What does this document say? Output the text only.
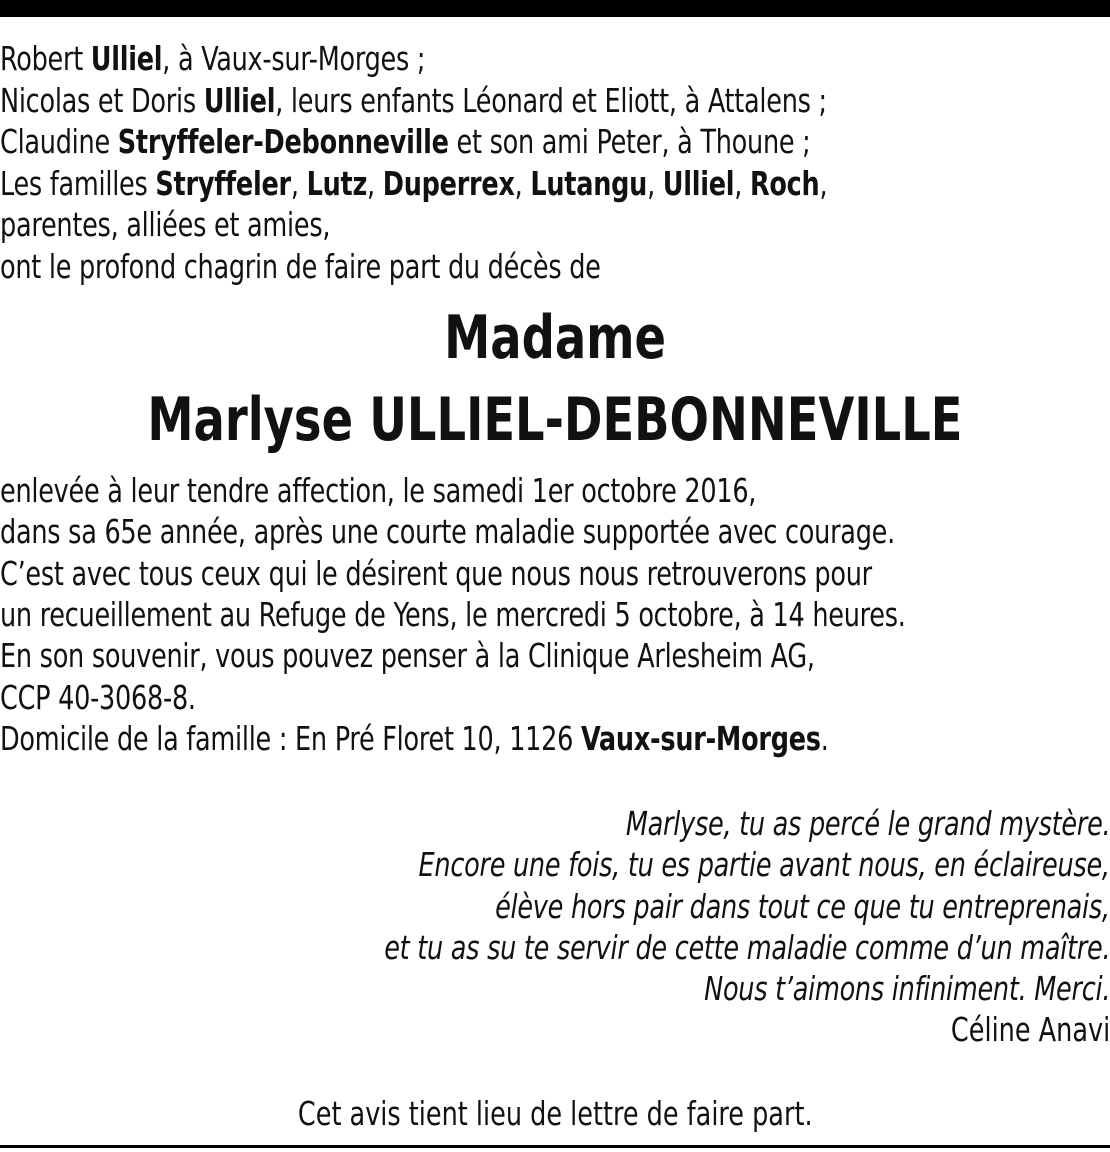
Robert Ulliel, à Vaux-sur-Morges ;
Nicolas et Doris Ulliel, leurs enfants Léonard et Eliott, à Attalens ;
Claudine Stryffeler-Debonneville et son ami Peter, à Thoune ;
Les familles Stryffeler, Lutz, Duperrex, Lutangu, Ulliel, Roch,
parentes, alliées et amies,
ont le profond chagrin de faire part du décès de
Madame
Marlyse ULLIEL-DEBONNEVILLE
enlevée à leur tendre affection, le samedi 1er octobre 2016,
dans sa 65e année, après une courte maladie supportée avec courage.
C’est avec tous ceux qui le désirent que nous nous retrouverons pour
un recueillement au Refuge de Yens, le mercredi 5 octobre, à 14 heures.
En son souvenir, vous pouvez penser à la Clinique Arlesheim AG,
CCP 40-3068-8.
Domicile de la famille : En Pré Floret 10, 1126 Vaux-sur-Morges.
Marlyse, tu as percé le grand mystère.
Encore une fois, tu es partie avant nous, en éclaireuse,
élève hors pair dans tout ce que tu entreprenais,
et tu as su te servir de cette maladie comme d’un maître.
Nous t’aimons infiniment. Merci.
Céline Anavi
Cet avis tient lieu de lettre de faire part.
